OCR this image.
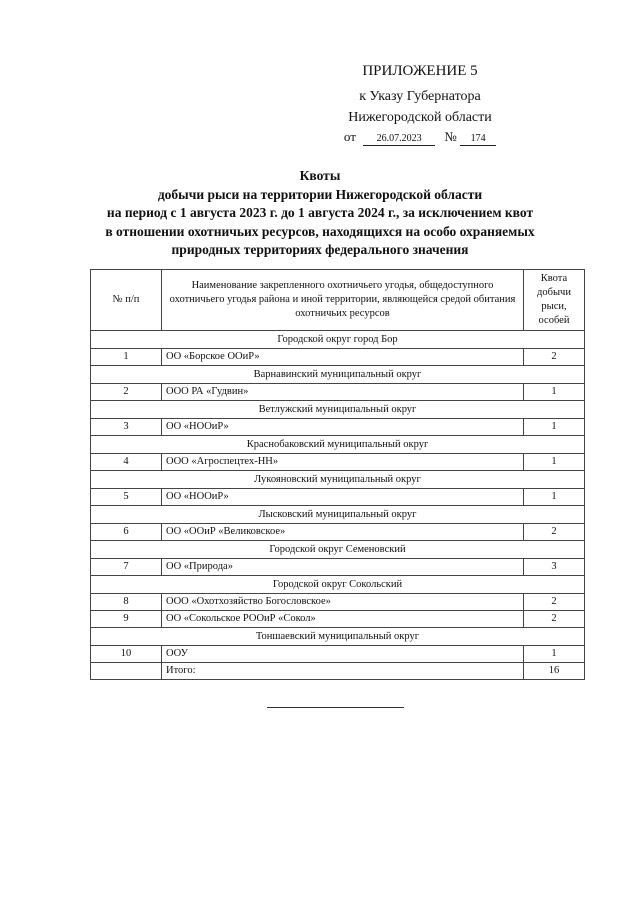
ПРИЛОЖЕНИЕ 5
к Указу Губернатора
Нижегородской области
от 26.07.2023 № 174
Квоты
добычи рыси на территории Нижегородской области
на период с 1 августа 2023 г. до 1 августа 2024 г., за исключением квот
в отношении охотничьих ресурсов, находящихся на особо охраняемых
природных территориях федерального значения
№ п/п	Наименование закрепленного охотничьего угодья, общедоступного охотничьего угодья района и иной территории, являющейся средой обитания охотничьих ресурсов	Квота добычи рыси, особей
Городской округ город Бор		
1	ОО «Борское ООиР»	2
Варнавинский муниципальный округ		
2	ООО РА «Гудвин»	1
Ветлужский муниципальный округ		
3	ОО «НООиР»	1
Краснобаковский муниципальный округ		
4	ООО «Агроспецтех-НН»	1
Лукояновский муниципальный округ		
5	ОО «НООиР»	1
Лысковский муниципальный округ		
6	ОО «ООиР «Великовское»	2
Городской округ Семеновский		
7	ОО «Природа»	3
Городской округ Сокольский		
8	ООО «Охотхозяйство Богословское»	2
9	ОО «Сокольское РООиР «Сокол»	2
Тоншаевский муниципальный округ		
10	ООУ	1
	Итого:	16
